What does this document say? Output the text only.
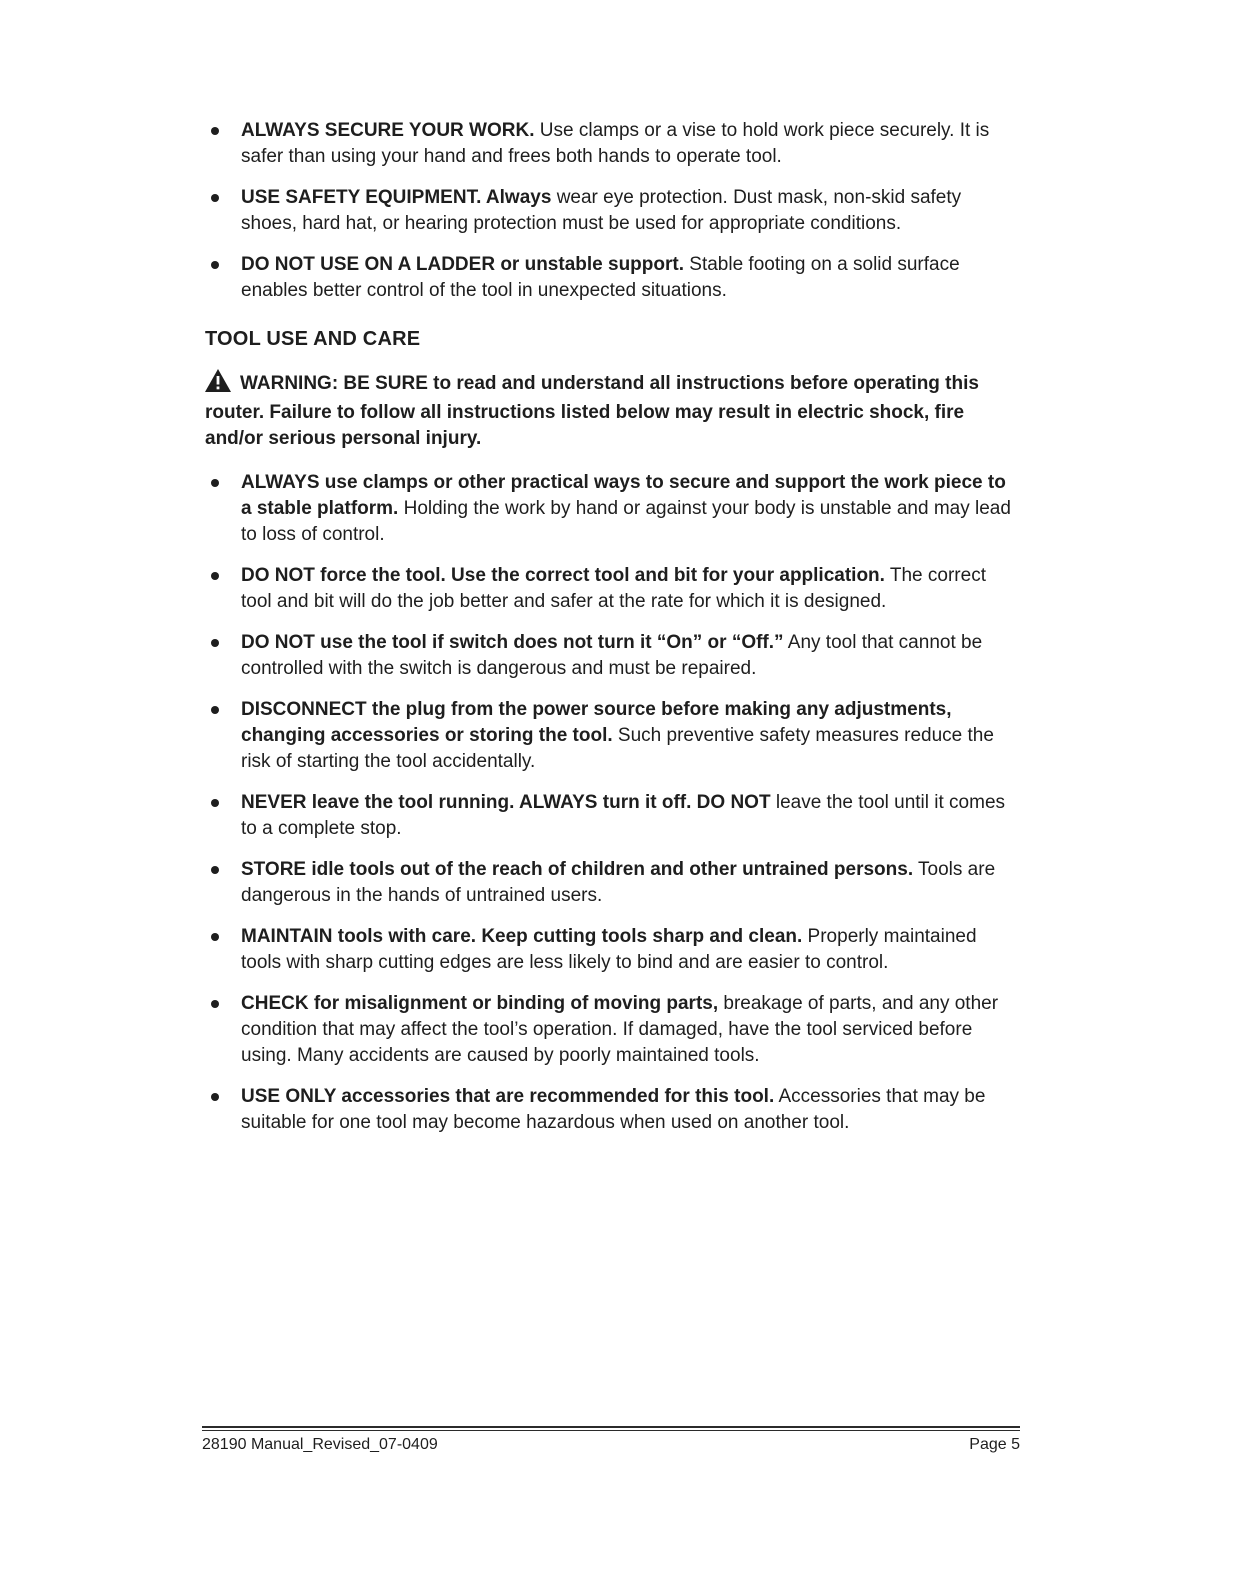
ALWAYS SECURE YOUR WORK. Use clamps or a vise to hold work piece securely. It is safer than using your hand and frees both hands to operate tool.
USE SAFETY EQUIPMENT. Always wear eye protection. Dust mask, non-skid safety shoes, hard hat, or hearing protection must be used for appropriate conditions.
DO NOT USE ON A LADDER or unstable support. Stable footing on a solid surface enables better control of the tool in unexpected situations.
TOOL USE AND CARE

WARNING: BE SURE to read and understand all instructions before operating this router. Failure to follow all instructions listed below may result in electric shock, fire and/or serious personal injury.

ALWAYS use clamps or other practical ways to secure and support the work piece to a stable platform. Holding the work by hand or against your body is unstable and may lead to loss of control.
DO NOT force the tool. Use the correct tool and bit for your application. The correct tool and bit will do the job better and safer at the rate for which it is designed.
DO NOT use the tool if switch does not turn it “On” or “Off.” Any tool that cannot be controlled with the switch is dangerous and must be repaired.
DISCONNECT the plug from the power source before making any adjustments, changing accessories or storing the tool. Such preventive safety measures reduce the risk of starting the tool accidentally.
NEVER leave the tool running. ALWAYS turn it off. DO NOT leave the tool until it comes to a complete stop.
STORE idle tools out of the reach of children and other untrained persons. Tools are dangerous in the hands of untrained users.
MAINTAIN tools with care. Keep cutting tools sharp and clean. Properly maintained tools with sharp cutting edges are less likely to bind and are easier to control.
CHECK for misalignment or binding of moving parts, breakage of parts, and any other condition that may affect the tool’s operation. If damaged, have the tool serviced before using. Many accidents are caused by poorly maintained tools.
USE ONLY accessories that are recommended for this tool. Accessories that may be suitable for one tool may become hazardous when used on another tool.
28190 Manual_Revised_07-0409	Page 5
